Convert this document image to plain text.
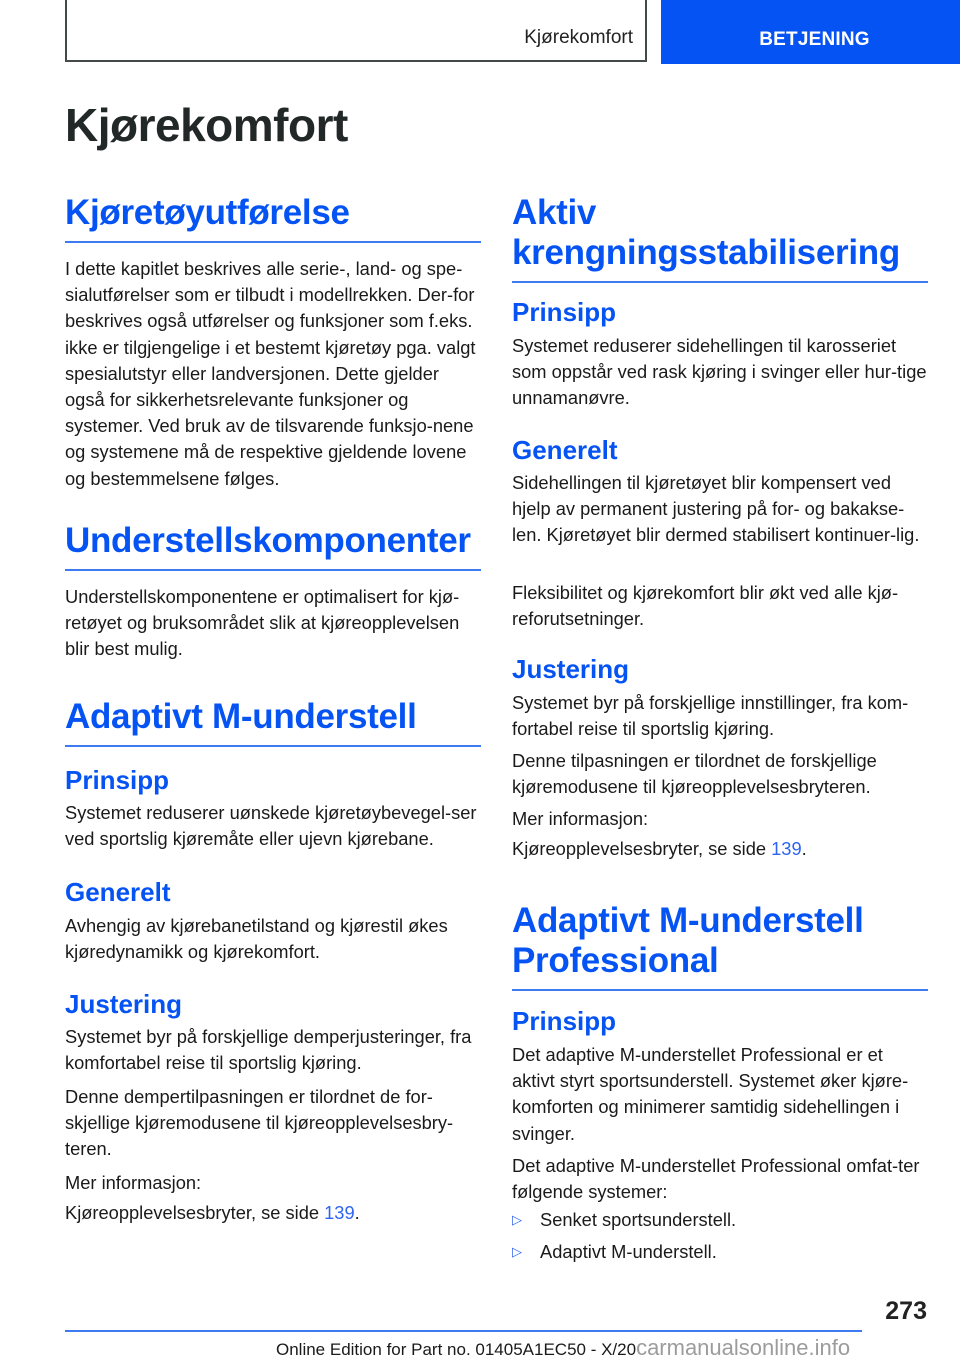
Kjørekomfort	BETJENING
Kjørekomfort
Kjøretøyutførelse

I dette kapitlet beskrives alle serie-, land- og spe-sialutførelser som er tilbudt i modellrekken. Der-for beskrives også utførelser og funksjoner som f.eks. ikke er tilgjengelige i et bestemt kjøretøy pga. valgt spesialutstyr eller landversjonen. Dette gjelder også for sikkerhetsrelevante funksjoner og systemer. Ved bruk av de tilsvarende funksjo-nene og systemene må de respektive gjeldende lovene og bestemmelsene følges.

Understellskomponenter

Understellskomponentene er optimalisert for kjø-retøyet og bruksområdet slik at kjøreopplevelsen blir best mulig.

Adaptivt M-understell
Prinsipp

Systemet reduserer uønskede kjøretøybevegel-ser ved sportslig kjøremåte eller ujevn kjørebane.

Generelt

Avhengig av kjørebanetilstand og kjørestil økes kjøredynamikk og kjørekomfort.

Justering

Systemet byr på forskjellige demperjusteringer, fra komfortabel reise til sportslig kjøring.

Denne dempertilpasningen er tilordnet de for-skjellige kjøremodusene til kjøreopplevelsesbry-teren.

Mer informasjon:

Kjøreopplevelsesbryter, se side 139.

Aktiv
krengningsstabilisering
Prinsipp

Systemet reduserer sidehellingen til karosseriet som oppstår ved rask kjøring i svinger eller hur-tige unnamanøvre.

Generelt

Sidehellingen til kjøretøyet blir kompensert ved hjelp av permanent justering på for- og bakakse-len. Kjøretøyet blir dermed stabilisert kontinuer-lig.

Fleksibilitet og kjørekomfort blir økt ved alle kjø-reforutsetninger.

Justering

Systemet byr på forskjellige innstillinger, fra kom-fortabel reise til sportslig kjøring.

Denne tilpasningen er tilordnet de forskjellige kjøremodusene til kjøreopplevelsesbryteren.

Mer informasjon:

Kjøreopplevelsesbryter, se side 139.

Adaptivt M-understell
Professional
Prinsipp

Det adaptive M-understellet Professional er et aktivt styrt sportsunderstell. Systemet øker kjøre-komforten og minimerer samtidig sidehellingen i svinger.

Det adaptive M-understellet Professional omfat-ter følgende systemer:

▷ Senket sportsunderstell.
▷ Adaptivt M-understell.
273
Online Edition for Part no. 01405A1EC50 - X/20carmanualsonline.info
